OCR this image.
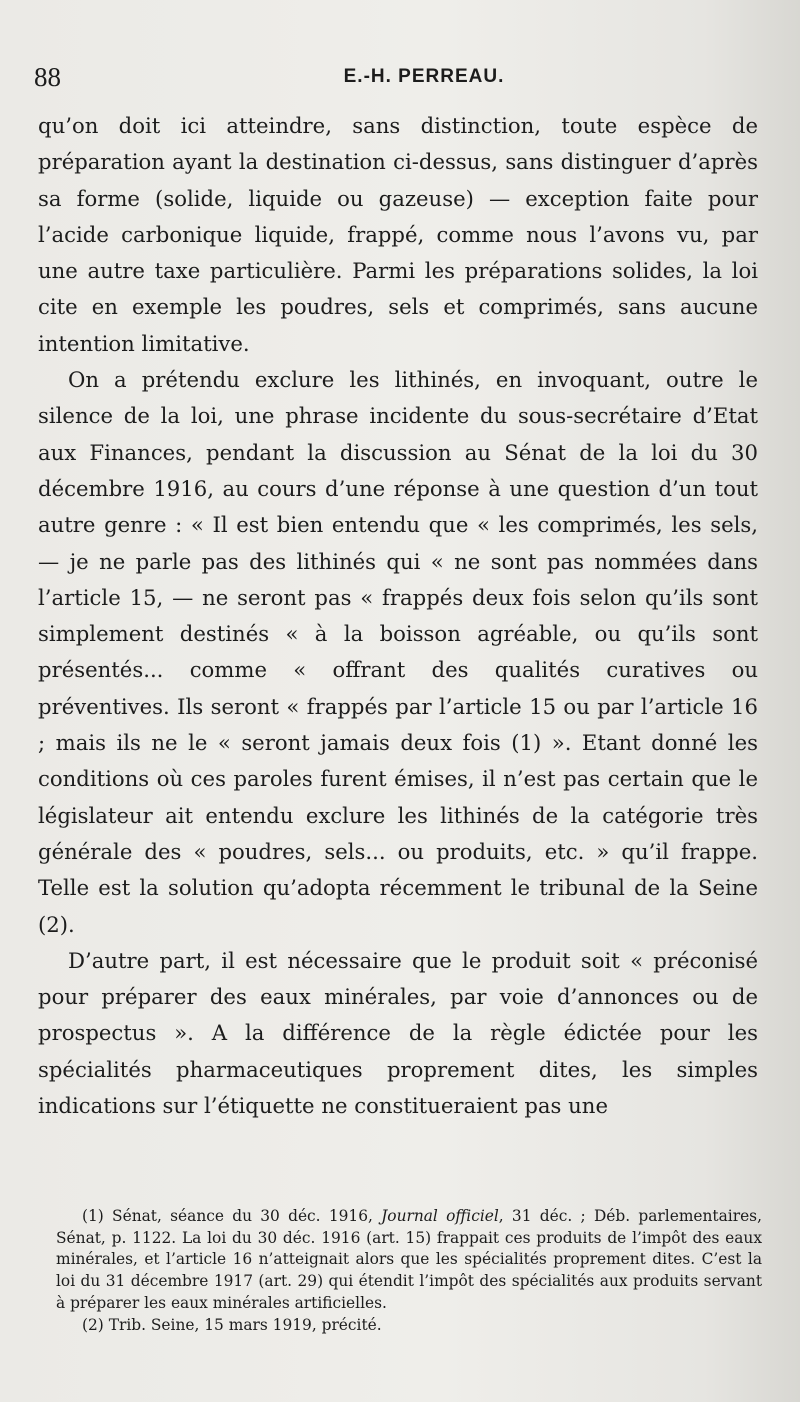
88	E.-H. PERREAU.

qu’on doit ici atteindre, sans distinction, toute espèce de préparation ayant la destination ci-dessus, sans distinguer d’après sa forme (solide, liquide ou gazeuse) — exception faite pour l’acide carbonique liquide, frappé, comme nous l’avons vu, par une autre taxe particulière. Parmi les préparations solides, la loi cite en exemple les poudres, sels et comprimés, sans aucune intention limitative.

On a prétendu exclure les lithinés, en invoquant, outre le silence de la loi, une phrase incidente du sous-secrétaire d’Etat aux Finances, pendant la discussion au Sénat de la loi du 30 décembre 1916, au cours d’une réponse à une question d’un tout autre genre : « Il est bien entendu que « les comprimés, les sels, — je ne parle pas des lithinés qui « ne sont pas nommées dans l’article 15, — ne seront pas « frappés deux fois selon qu’ils sont simplement destinés « à la boisson agréable, ou qu’ils sont présentés... comme « offrant des qualités curatives ou préventives. Ils seront « frappés par l’article 15 ou par l’article 16 ; mais ils ne le « seront jamais deux fois (1) ». Etant donné les conditions où ces paroles furent émises, il n’est pas certain que le législateur ait entendu exclure les lithinés de la catégorie très générale des « poudres, sels... ou produits, etc. » qu’il frappe. Telle est la solution qu’adopta récemment le tribunal de la Seine (2).

D’autre part, il est nécessaire que le produit soit « préconisé pour préparer des eaux minérales, par voie d’annonces ou de prospectus ». A la différence de la règle édictée pour les spécialités pharmaceutiques proprement dites, les simples indications sur l’étiquette ne constitueraient pas une

(1) Sénat, séance du 30 déc. 1916, Journal officiel, 31 déc. ; Déb. parlementaires, Sénat, p. 1122. La loi du 30 déc. 1916 (art. 15) frappait ces produits de l’impôt des eaux minérales, et l’article 16 n’atteignait alors que les spécialités proprement dites. C’est la loi du 31 décembre 1917 (art. 29) qui étendit l’impôt des spécialités aux produits servant à préparer les eaux minérales artificielles.

(2) Trib. Seine, 15 mars 1919, précité.
